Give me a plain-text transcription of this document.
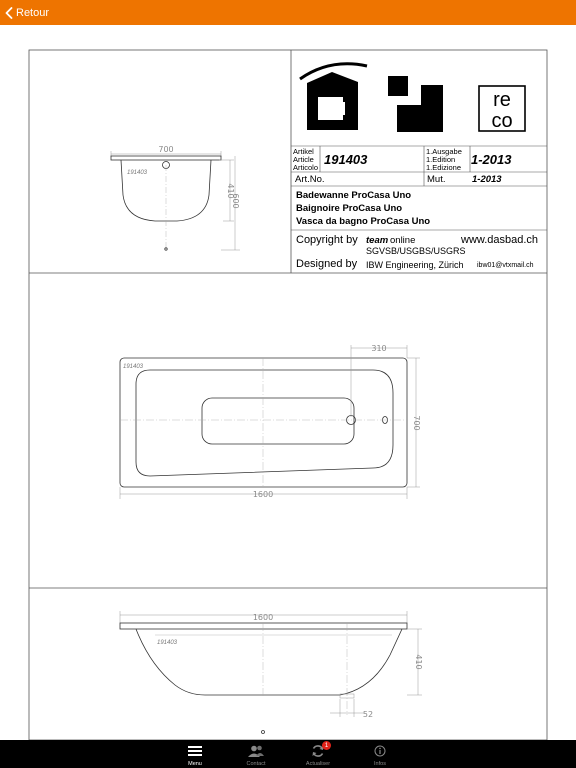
Retour
re
co
700
410
600
191403
310
700
1600
191403
1600
410
52
191403
Artikel
Article
Articolo
191403
1.Ausgabe
1.Edition
1.Edizione
1-2013
Art.No.	Mut.	1-2013
Badewanne ProCasa Uno
Baignoire ProCasa Uno
Vasca da bagno ProCasa Uno
Copyright by team online	www.dasbad.ch
SGVSB/USGBS/USGRS
Designed by IBW Engineering, Zürich ibw01@vtxmail.ch
Menu	Contact
1
Actualiser	Infos
